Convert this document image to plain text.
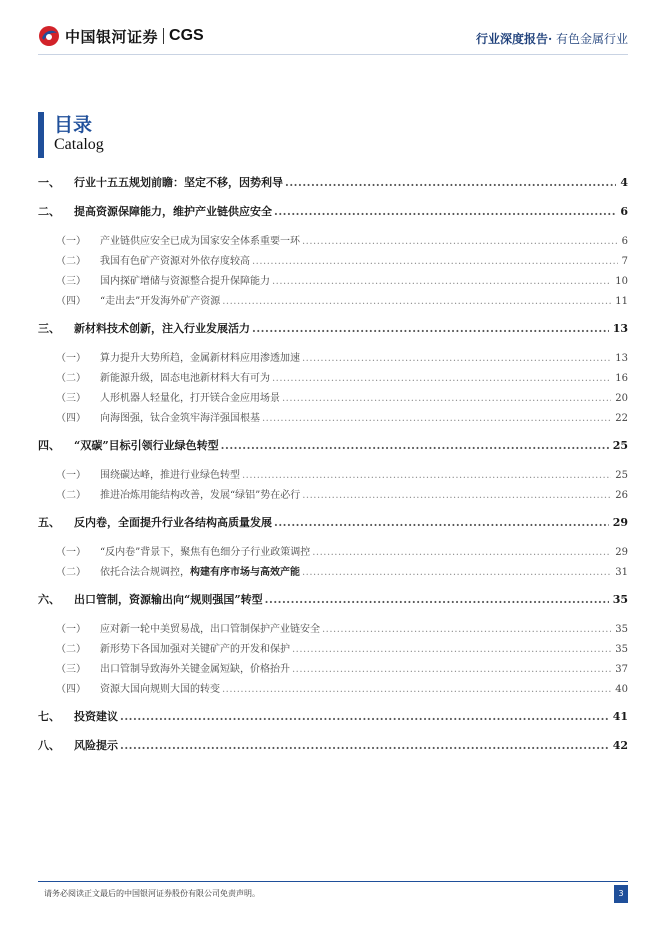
中国银河证券 CGS	行业深度报告· 有色金属行业
目录
Catalog
一、 行业十五五规划前瞻：坚定不移，因势利导 .....	4
二、 提高资源保障能力，维护产业链供应安全 .....	6
（一） 产业链供应安全已成为国家安全体系重要一环 .....	6
（二） 我国有色矿产资源对外依存度较高 .....	7
（三） 国内探矿增储与资源整合提升保障能力 .....	10
（四） “走出去”开发海外矿产资源 .....	11
三、 新材料技术创新，注入行业发展活力 .....	13
（一） 算力提升大势所趋，金属新材料应用渗透加速 .....	13
（二） 新能源升级，固态电池新材料大有可为 .....	16
（三） 人形机器人轻量化，打开镁合金应用场景 .....	20
（四） 向海图强，钛合金筑牢海洋强国根基 .....	22
四、 “双碳”目标引领行业绿色转型 .....	25
（一） 围绕碳达峰，推进行业绿色转型 .....	25
（二） 推进冶炼用能结构改善，发展“绿铝”势在必行 .....	26
五、 反内卷，全面提升行业各结构高质量发展 .....	29
（一） “反内卷”背景下，聚焦有色细分子行业政策调控 .....	29
（二） 依托合法合规调控， 构建有序市场与高效产能 .....	31
六、 出口管制，资源输出向“规则强国”转型 .....	35
（一） 应对新一轮中美贸易战，出口管制保护产业链安全 .....	35
（二） 新形势下各国加强对关键矿产的开发和保护 .....	35
（三） 出口管制导致海外关键金属短缺，价格抬升 .....	37
（四） 资源大国向规则大国的转变 .....	40
七、 投资建议 .....	41
八、 风险提示 .....	42
请务必阅读正文最后的中国银河证券股份有限公司免责声明。	3
